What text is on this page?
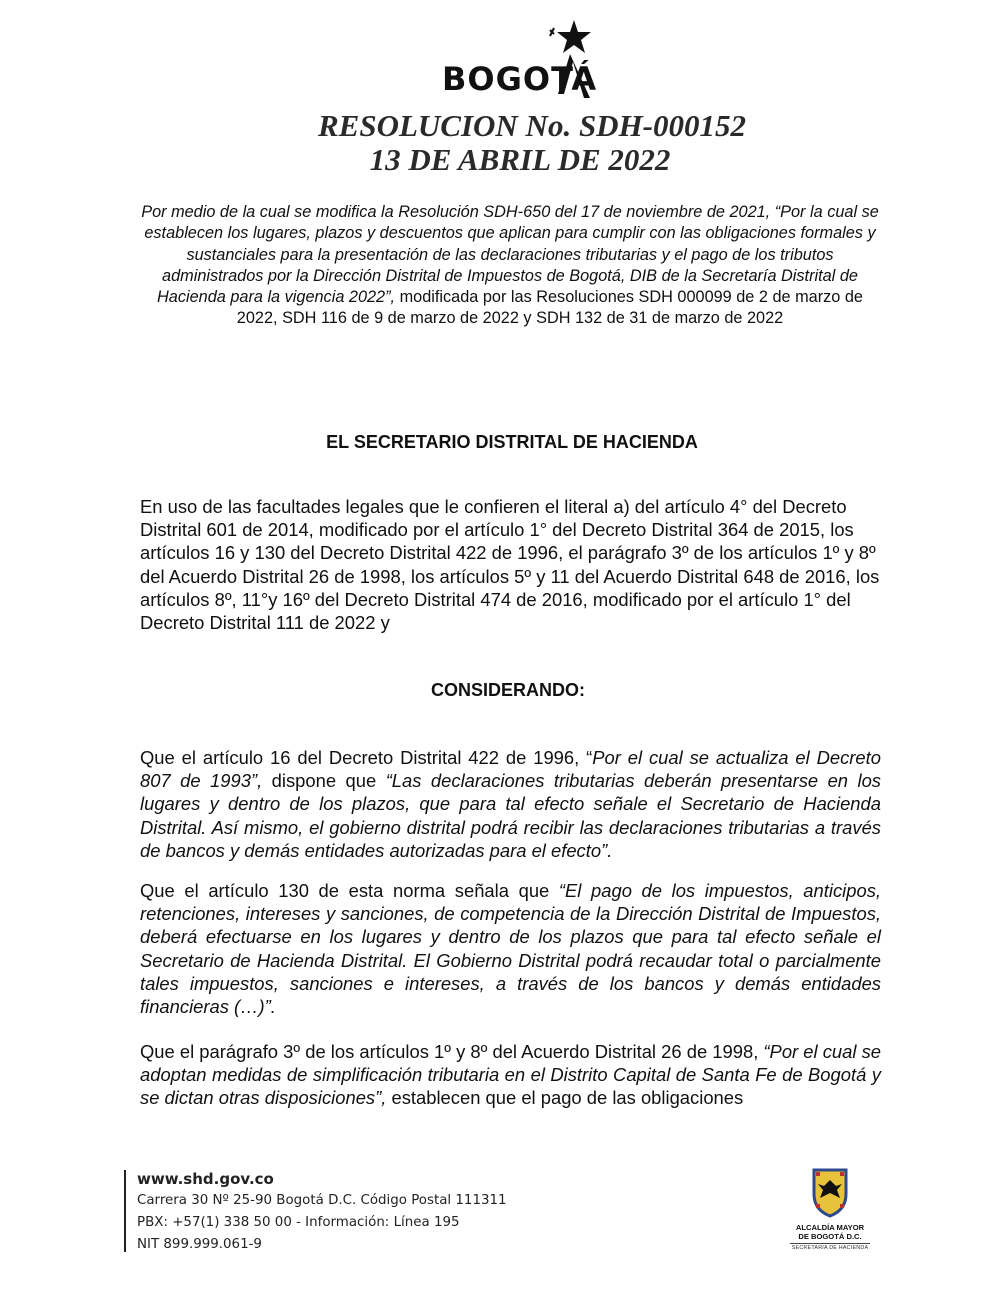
BOGOTÁ
RESOLUCION No. SDH-000152
13 DE ABRIL DE 2022
Por medio de la cual se modifica la Resolución SDH-650 del 17 de noviembre de 2021, “Por la cual se establecen los lugares, plazos y descuentos que aplican para cumplir con las obligaciones formales y sustanciales para la presentación de las declaraciones tributarias y el pago de los tributos administrados por la Dirección Distrital de Impuestos de Bogotá, DIB de la Secretaría Distrital de Hacienda para la vigencia 2022”, modificada por las Resoluciones SDH 000099 de 2 de marzo de 2022, SDH 116 de 9 de marzo de 2022 y SDH 132 de 31 de marzo de 2022
EL SECRETARIO DISTRITAL DE HACIENDA

En uso de las facultades legales que le confieren el literal a) del artículo 4° del Decreto Distrital 601 de 2014, modificado por el artículo 1° del Decreto Distrital 364 de 2015, los artículos 16 y 130 del Decreto Distrital 422 de 1996, el parágrafo 3º de los artículos 1º y 8º del Acuerdo Distrital 26 de 1998, los artículos 5º y 11 del Acuerdo Distrital 648 de 2016, los artículos 8º, 11°y 16º del Decreto Distrital 474 de 2016, modificado por el artículo 1° del Decreto Distrital 111 de 2022 y

CONSIDERANDO:

Que el artículo 16 del Decreto Distrital 422 de 1996, “Por el cual se actualiza el Decreto 807 de 1993”, dispone que “Las declaraciones tributarias deberán presentarse en los lugares y dentro de los plazos, que para tal efecto señale el Secretario de Hacienda Distrital. Así mismo, el gobierno distrital podrá recibir las declaraciones tributarias a través de bancos y demás entidades autorizadas para el efecto”.

Que el artículo 130 de esta norma señala que “El pago de los impuestos, anticipos, retenciones, intereses y sanciones, de competencia de la Dirección Distrital de Impuestos, deberá efectuarse en los lugares y dentro de los plazos que para tal efecto señale el Secretario de Hacienda Distrital. El Gobierno Distrital podrá recaudar total o parcialmente tales impuestos, sanciones e intereses, a través de los bancos y demás entidades financieras (…)”.

Que el parágrafo 3º de los artículos 1º y 8º del Acuerdo Distrital 26 de 1998, “Por el cual se adoptan medidas de simplificación tributaria en el Distrito Capital de Santa Fe de Bogotá y se dictan otras disposiciones”, establecen que el pago de las obligaciones

www.shd.gov.co
Carrera 30 Nº 25-90 Bogotá D.C. Código Postal 111311
PBX: +57(1) 338 50 00 - Información: Línea 195
NIT 899.999.061-9
ALCALDÍA MAYOR
DE BOGOTÁ D.C.
SECRETARIA DE HACIENDA
